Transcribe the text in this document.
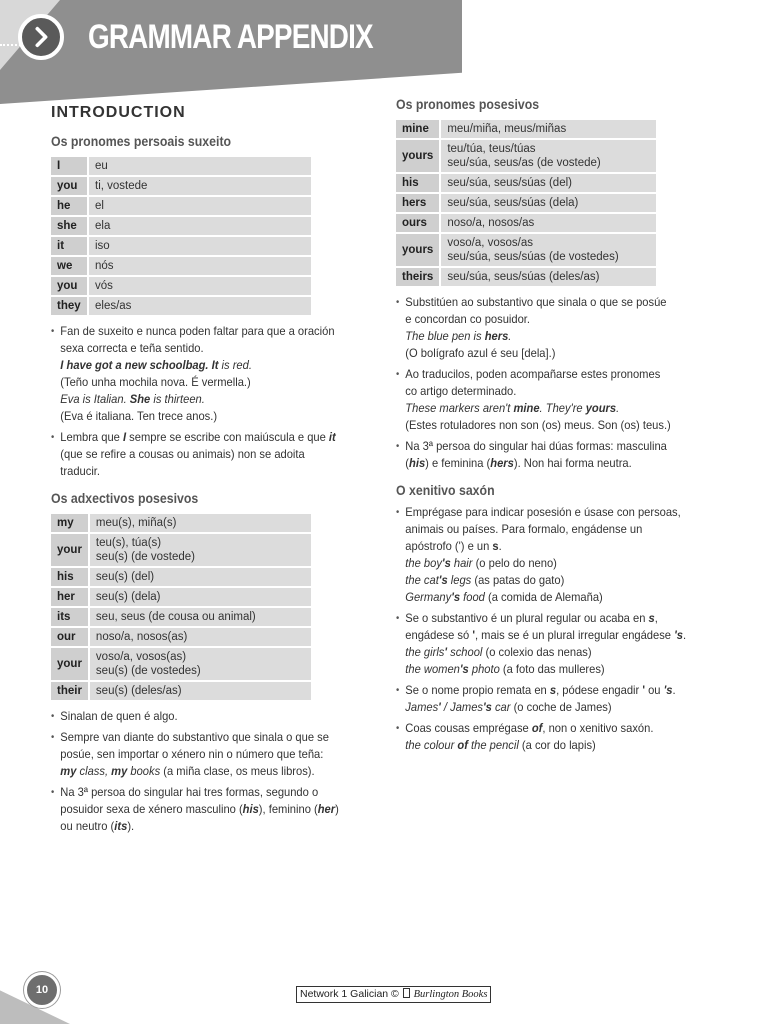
GRAMMAR APPENDIX
INTRODUCTION
Os pronomes persoais suxeito
I	eu
you	ti, vostede
he	el
she	ela
it	iso
we	nós
you	vós
they	eles/as
• Fan de suxeito e nunca poden faltar para que a oración
sexa correcta e teña sentido.
I have got a new schoolbag. It is red.
(Teño unha mochila nova. É vermella.)
Eva is Italian. She is thirteen.
(Eva é italiana. Ten trece anos.)
• Lembra que I sempre se escribe con maiúscula e que it
(que se refire a cousas ou animais) non se adoita
traducir.
Os adxectivos posesivos
my	meu(s), miña(s)
your	teu(s), túa(s)
seu(s) (de vostede)
his	seu(s) (del)
her	seu(s) (dela)
its	seu, seus (de cousa ou animal)
our	noso/a, nosos(as)
your	voso/a, vosos(as)
seu(s) (de vostedes)
their	seu(s) (deles/as)
• Sinalan de quen é algo.
• Sempre van diante do substantivo que sinala o que se
posúe, sen importar o xénero nin o número que teña:
my class, my books (a miña clase, os meus libros).
• Na 3ª persoa do singular hai tres formas, segundo o
posuidor sexa de xénero masculino (his), feminino (her)
ou neutro (its).
Os pronomes posesivos
mine	meu/miña, meus/miñas
yours	teu/túa, teus/túas
seu/súa, seus/as (de vostede)
his	seu/súa, seus/súas (del)
hers	seu/súa, seus/súas (dela)
ours	noso/a, nosos/as
yours	voso/a, vosos/as
seu/súa, seus/súas (de vostedes)
theirs	seu/súa, seus/súas (deles/as)
• Substitúen ao substantivo que sinala o que se posúe
e concordan co posuidor.
The blue pen is hers.
(O bolígrafo azul é seu [dela].)
• Ao traducilos, poden acompañarse estes pronomes
co artigo determinado.
These markers aren't mine. They're yours.
(Estes rotuladores non son (os) meus. Son (os) teus.)
• Na 3ª persoa do singular hai dúas formas: masculina
(his) e feminina (hers). Non hai forma neutra.
O xenitivo saxón
• Emprégase para indicar posesión e úsase con persoas,
animais ou países. Para formalo, engádense un
apóstrofo (') e un s.
the boy's hair (o pelo do neno)
the cat's legs (as patas do gato)
Germany's food (a comida de Alemaña)
• Se o substantivo é un plural regular ou acaba en s,
engádese só ', mais se é un plural irregular engádese 's.
the girls' school (o colexio das nenas)
the women's photo (a foto das mulleres)
• Se o nome propio remata en s, pódese engadir ' ou 's.
James' / James's car (o coche de James)
• Coas cousas emprégase of, non o xenitivo saxón.
the colour of the pencil (a cor do lapis)
10	Network 1 Galician © Burlington Books
